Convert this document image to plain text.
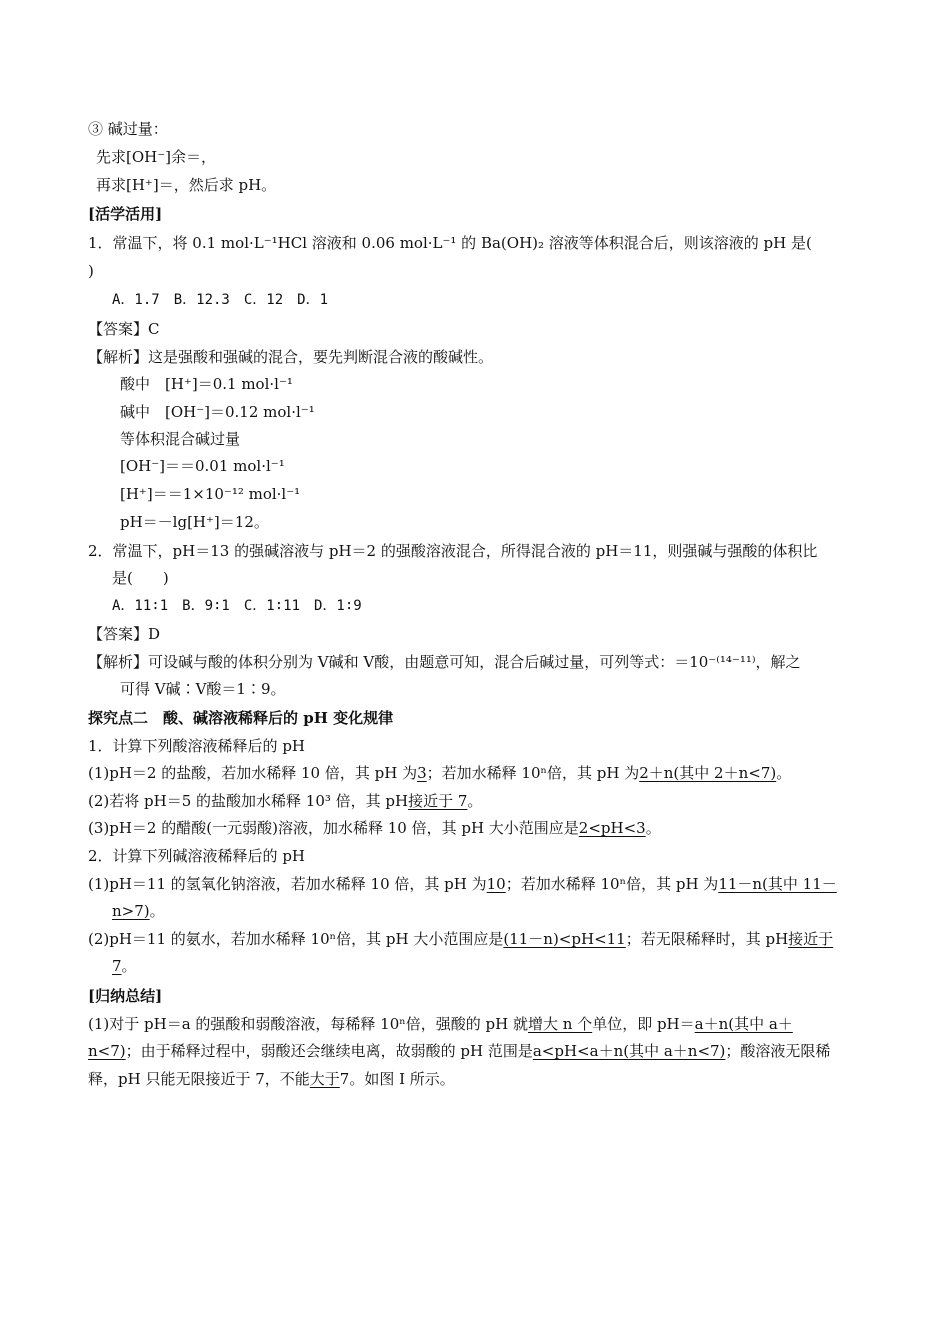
③ 碱过量：
先求[OH⁻]余＝，
再求[H⁺]＝，然后求 pH。
[活学活用]
1．常温下，将 0.1 mol·L⁻¹HCl 溶液和 0.06 mol·L⁻¹ 的 Ba(OH)₂ 溶液等体积混合后，则该溶液的 pH 是(
)
A．1.7　B．12.3　C．12　D．1
【答案】C
【解析】这是强酸和强碱的混合，要先判断混合液的酸碱性。
酸中　[H⁺]＝0.1 mol·l⁻¹
碱中　[OH⁻]＝0.12 mol·l⁻¹
等体积混合碱过量
[OH⁻]＝＝0.01 mol·l⁻¹
[H⁺]＝＝1×10⁻¹² mol·l⁻¹
pH＝－lg[H⁺]＝12。
2．常温下，pH＝13 的强碱溶液与 pH＝2 的强酸溶液混合，所得混合液的 pH＝11，则强碱与强酸的体积比
是(　　)
A．11∶1　B．9∶1　C．1∶11　D．1∶9
【答案】D
【解析】可设碱与酸的体积分别为 V碱和 V酸，由题意可知，混合后碱过量，可列等式：＝10⁻⁽¹⁴⁻¹¹⁾，解之
可得 V碱∶V酸＝1∶9。
探究点二　酸、碱溶液稀释后的 pH 变化规律
1．计算下列酸溶液稀释后的 pH
(1)pH＝2 的盐酸，若加水稀释 10 倍，其 pH 为3；若加水稀释 10ⁿ倍，其 pH 为2＋n(其中 2＋n<7)。
(2)若将 pH＝5 的盐酸加水稀释 10³ 倍，其 pH接近于 7。
(3)pH＝2 的醋酸(一元弱酸)溶液，加水稀释 10 倍，其 pH 大小范围应是2<pH<3。
2．计算下列碱溶液稀释后的 pH
(1)pH＝11 的氢氧化钠溶液，若加水稀释 10 倍，其 pH 为10；若加水稀释 10ⁿ倍，其 pH 为11－n(其中 11－
n>7)。
(2)pH＝11 的氨水，若加水稀释 10ⁿ倍，其 pH 大小范围应是(11－n)<pH<11；若无限稀释时，其 pH接近于
7。
[归纳总结]
(1)对于 pH＝a 的强酸和弱酸溶液，每稀释 10ⁿ倍，强酸的 pH 就增大 n 个单位，即 pH＝a＋n(其中 a＋
n<7)；由于稀释过程中，弱酸还会继续电离，故弱酸的 pH 范围是a<pH<a＋n(其中 a＋n<7)；酸溶液无限稀
释，pH 只能无限接近于 7，不能大于7。如图 I 所示。
